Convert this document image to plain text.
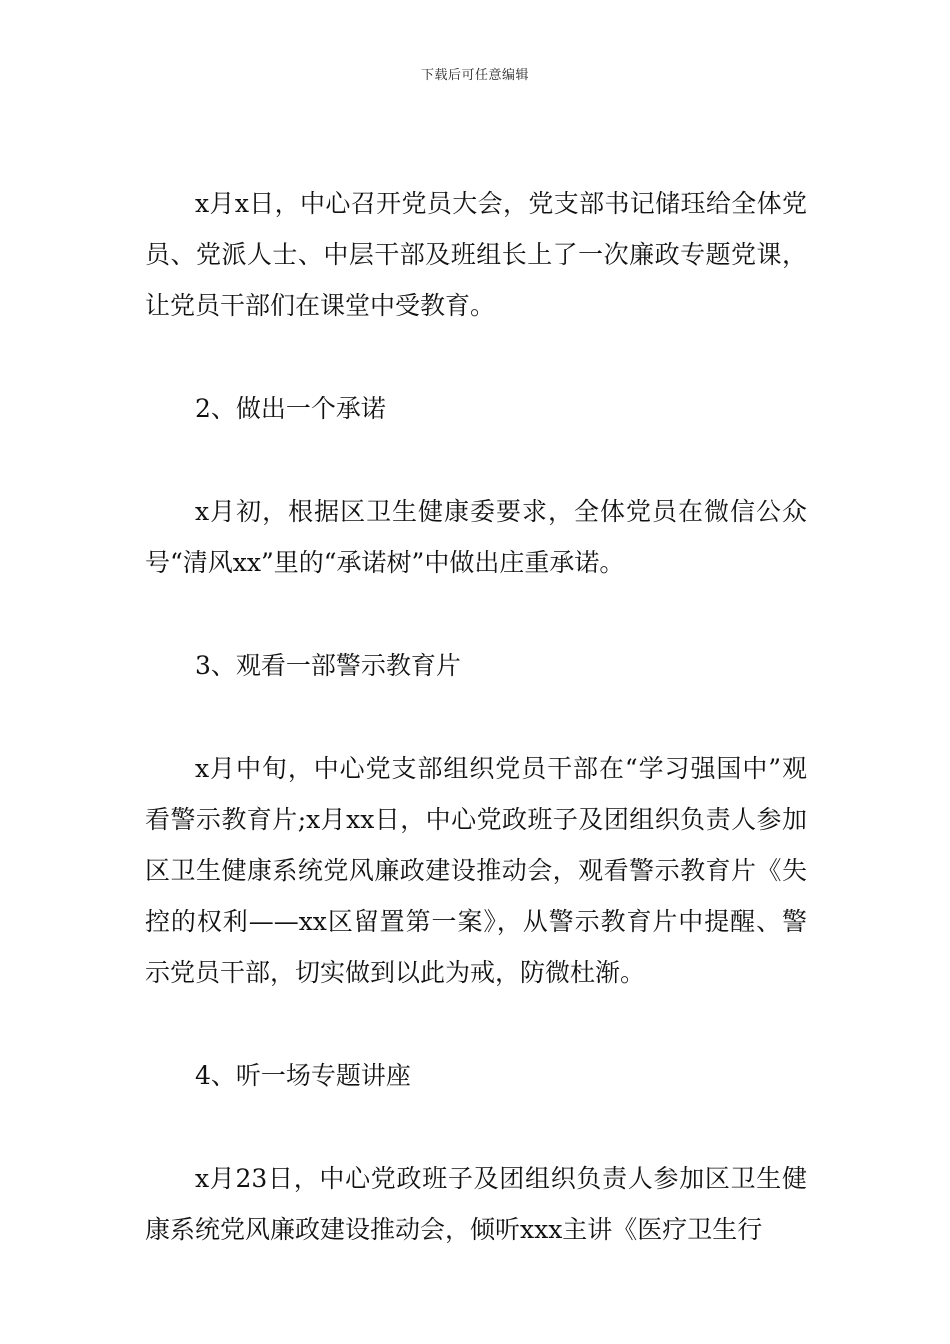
下载后可任意编辑

x月x日，中心召开党员大会，党支部书记储珏给全体党员、党派人士、中层干部及班组长上了一次廉政专题党课，让党员干部们在课堂中受教育。

2、做出一个承诺

x月初，根据区卫生健康委要求，全体党员在微信公众号“清风xx”里的“承诺树”中做出庄重承诺。

3、观看一部警示教育片

x月中旬，中心党支部组织党员干部在“学习强国中”观看警示教育片;x月xx日，中心党政班子及团组织负责人参加区卫生健康系统党风廉政建设推动会，观看警示教育片《失控的权利——xx区留置第一案》，从警示教育片中提醒、警示党员干部，切实做到以此为戒，防微杜渐。

4、听一场专题讲座

x月23日，中心党政班子及团组织负责人参加区卫生健康系统党风廉政建设推动会，倾听xxx主讲《医疗卫生行
